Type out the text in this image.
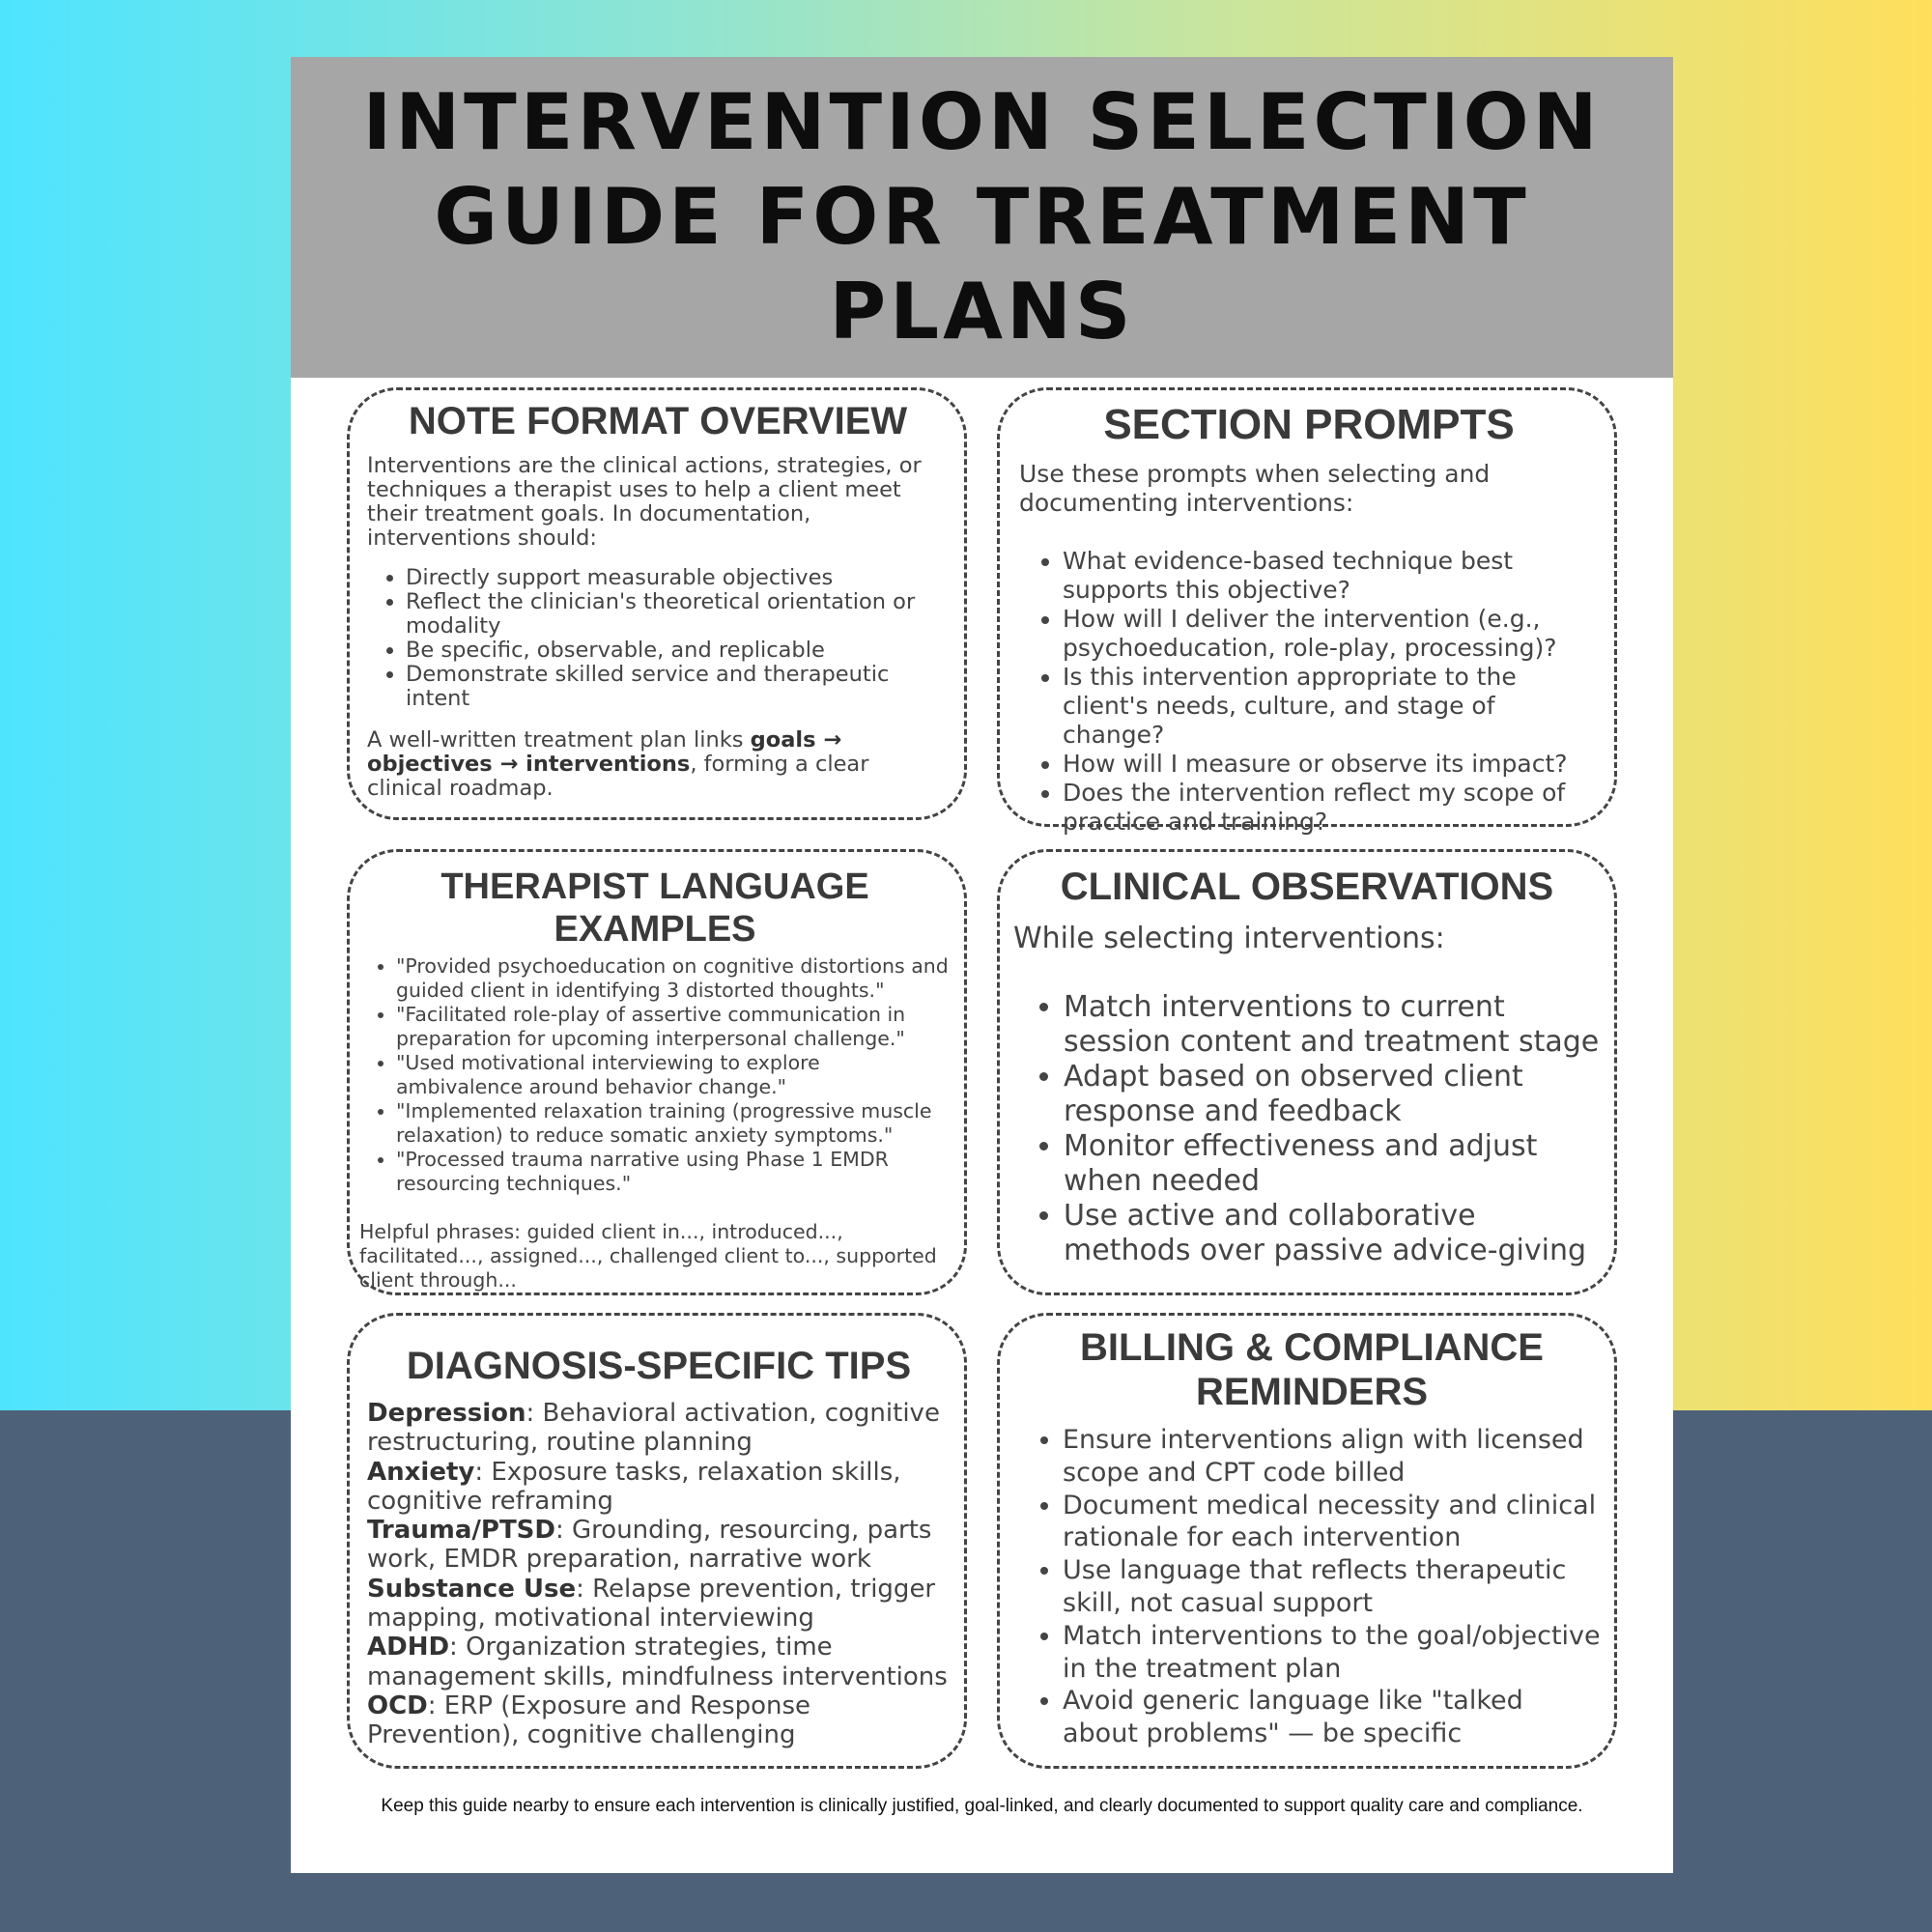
INTERVENTION SELECTION
GUIDE FOR TREATMENT PLANS
NOTE FORMAT OVERVIEW

Interventions are the clinical actions, strategies, or techniques a therapist uses to help a client meet their treatment goals. In documentation, interventions should:

• Directly support measurable objectives
• Reflect the clinician's theoretical orientation or modality
• Be specific, observable, and replicable
• Demonstrate skilled service and therapeutic intent

A well-written treatment plan links goals → objectives → interventions, forming a clear clinical roadmap.

SECTION PROMPTS

Use these prompts when selecting and documenting interventions:

• What evidence-based technique best supports this objective?
• How will I deliver the intervention (e.g., psychoeducation, role-play, processing)?
• Is this intervention appropriate to the client's needs, culture, and stage of change?
• How will I measure or observe its impact?
• Does the intervention reflect my scope of practice and training?
THERAPIST LANGUAGE
EXAMPLES
• "Provided psychoeducation on cognitive distortions and guided client in identifying 3 distorted thoughts."
• "Facilitated role-play of assertive communication in preparation for upcoming interpersonal challenge."
• "Used motivational interviewing to explore ambivalence around behavior change."
• "Implemented relaxation training (progressive muscle relaxation) to reduce somatic anxiety symptoms."
• "Processed trauma narrative using Phase 1 EMDR resourcing techniques."

Helpful phrases: guided client in..., introduced..., facilitated..., assigned..., challenged client to..., supported client through...

CLINICAL OBSERVATIONS

While selecting interventions:

• Match interventions to current session content and treatment stage
• Adapt based on observed client response and feedback
• Monitor effectiveness and adjust when needed
• Use active and collaborative methods over passive advice-giving
DIAGNOSIS-SPECIFIC TIPS

Depression: Behavioral activation, cognitive restructuring, routine planning

Anxiety: Exposure tasks, relaxation skills, cognitive reframing

Trauma/PTSD: Grounding, resourcing, parts work, EMDR preparation, narrative work

Substance Use: Relapse prevention, trigger mapping, motivational interviewing

ADHD: Organization strategies, time management skills, mindfulness interventions

OCD: ERP (Exposure and Response Prevention), cognitive challenging

BILLING & COMPLIANCE
REMINDERS
• Ensure interventions align with licensed scope and CPT code billed
• Document medical necessity and clinical rationale for each intervention
• Use language that reflects therapeutic skill, not casual support
• Match interventions to the goal/objective in the treatment plan
• Avoid generic language like "talked about problems" — be specific
Keep this guide nearby to ensure each intervention is clinically justified, goal-linked, and clearly documented to support quality care and compliance.
